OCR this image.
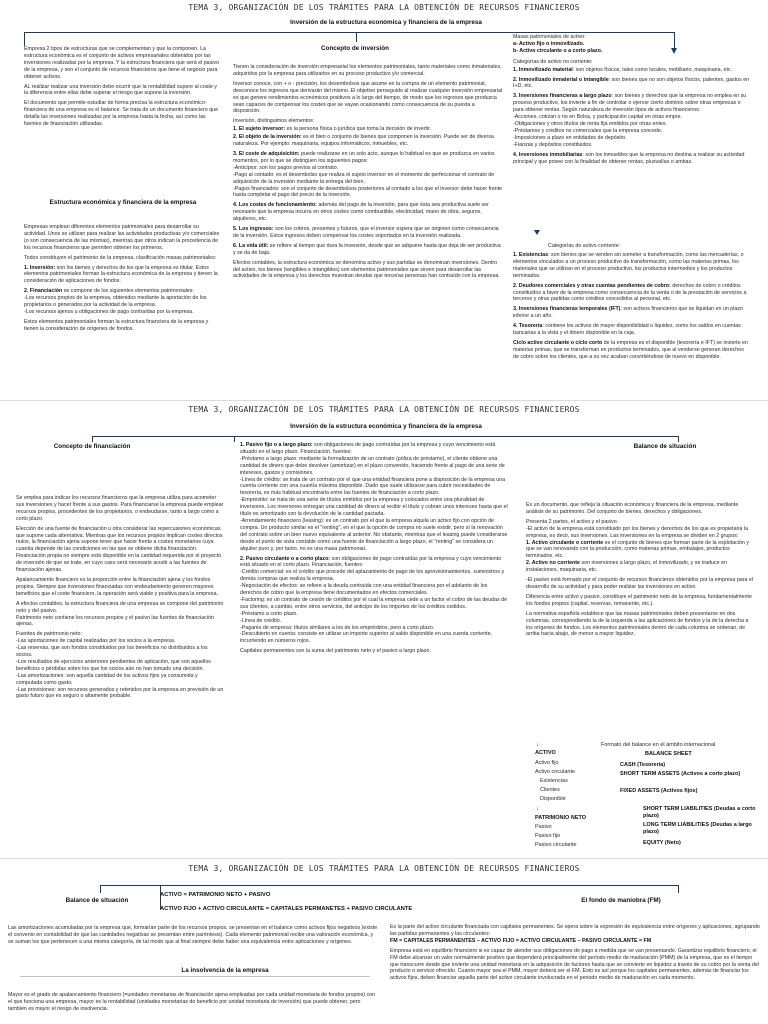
TEMA 3, ORGANIZACIÓN DE LOS TRÁMITES PARA LA OBTENCIÓN DE RECURSOS FINANCIEROS
Inversión de la estructura económica y financiera de la empresa

Empresa 2 tipos de estructuras que se complementan y que la componen. La estructura económica es el conjunto de activos empresariales obtenidos por las inversiones realizadas por la empresa. Y la estructura financiera que será el pasivo de la empresa, y son el conjunto de recursos financieros que tiene el negocio para obtener activos.

AL realizar realizar una inversión debe ocurrir que la rentabilidad supere al coste y la diferencia entre ellas debe superar el riesgo que supone la inversión.

El documento que permite estudiar de forma precisa la estructura económico-financiera de una empresa es el balance. Se trata de un documento financiero que detalla las inversiones realizadas por la empresa hasta la fecha, así como las fuentes de financiación utilizadas.

Estructura económica y financiera de la empresa

Empresas emplean diferentes elementos patrimoniales para desarrollar su actividad. Unos se utilizan para realizar las actividades productivas y/o comerciales (o son consecuencia de las mismas), mientras que otros indican la procedencia de los recursos financieros que permiten obtener los primeros.

Todos constituyen el patrimonio de la empresa, clasificación masas patrimoniales:

1. Inversión: son los bienes y derechos de los que la empresa es titular. Estos elementos patrimoniales forman la estructura económica de la empresa y tienen la consideración de aplicaciones de fondos.

2. Financiación se compone de los siguientes elementos patrimoniales:
-Los recursos propios de la empresa, obtenidos mediante la aportación de los propietarios o generados por la actividad de la empresa.
-Los recursos ajenos u obligaciones de pago contraídas por la empresa.

Estos elementos patrimoniales forman la estructura financiera de la empresa y tienen la consideración de orígenes de fondos.

Concepto de inversión

Tienen la consideración de inversión empresarial los elementos patrimoniales, tanto materiales como inmateriales, adquiridos por la empresa para utilizarlos en su proceso productivo y/o comercial.

Inversor conoce, con + o - precisión, los desembolsos que asume en la compra de un elemento patrimonial, desconoce los ingresos que derivarán del mismo. El objetivo perseguido al realizar cualquier inversión empresarial es que genere rendimientos económicos positivos a lo largo del tiempo, de modo que los ingresos que produzca sean capaces de compensar los costes que se vayan ocasionando como consecuencia de su puesta a disposición.

Inversión, distinguimos elementos:

1. El sujeto inversor: es la persona física o jurídica que toma la decisión de invertir.

2. El objeto de la inversión: es el bien o conjunto de bienes que componen la inversión. Puede ser de diversa naturaleza. Por ejemplo: maquinaria, equipos informáticos, inmuebles, etc.

3. El coste de adquisición: puede realizarse en un solo acto, aunque lo habitual es que se produzca en varios momentos, por lo que se distinguen los siguientes pagos:
-Anticipos: son los pagos previos al contrato.
-Pago al contado: es el desembolso que realiza el sujeto inversor en el momento de perfeccionar el contrato de adquisición de la inversión mediante la entrega del bien.
-Pagos financiados: son el conjunto de desembolsos posteriores al contado a los que el inversor debe hacer frente hasta completar el pago del precio de la inversión.

4. Los costes de funcionamiento: además del pago de la inversión, para que ésta sea productiva suele ser necesario que la empresa incurra en otros costes como combustible, electricidad, mano de obra, seguros, alquileres, etc.

5. Los ingresos: son los cobros, presentes y futuros, que el inversor espera que se originen como consecuencia de la inversión. Estos ingresos deben compensar los costes soportados en la inversión realizada.

6. La vida útil: se refiere al tiempo que dura la inversión, desde que se adquiere hasta que deja de ser productiva y se da de baja.

Efectos contables, la estructura económica se denomina activo y sus partidas se denominan inversiones. Dentro del activo, los bienes (tangibles e intangibles) son elementos patrimoniales que sirven para desarrollar las actividades de la empresa y los derechos muestran deudas que terceras personas han contraído con la empresa.

Masas patrimoniales de activo:

a- Activo fijo o inmovilizado.

b- Activo circulante o a corto plazo.

Categorías de activo no corriente:

1. Inmovilizado material: son objetos físicos, tales como locales, mobiliario, maquinaria, etc.

2. Inmovilizado inmaterial o intangible: son bienes que no son objetos físicos, patentes, gastos en I+D, etc.

3. Inversiones financieras a largo plazo: son bienes y derechos que la empresa no emplea en su proceso productivo, los invierte a fin de controlar o ejercer cierto dominio sobre otras empresas o para obtener rentas. Según naturaleza de inversión tipos de activos financieros:
-Acciones, cotizan o no en Bolsa, y participación capital en otras empre.
-Obligaciones y otros títulos de renta fija emitidos por otras entes.
-Préstamos y créditos no comerciales que la empresa concede.
-Imposiciones a plazo en entidades de depósito.
-Fianzas y depósitos constituidos.

4. Inversiones inmobiliarias: son los inmuebles que la empresa no destina a realizar su actividad principal y que posee con la finalidad de obtener rentas, plusvalías o ambas.

Categorías de activo corriente:

1. Existencias: son bienes que se venden sin someter a transformación, como las mercaderías, o elementos vinculados a un proceso productivo de transformación, como las materias primas, los materiales que se utilizan en el proceso productivo, los productos intermedios y los productos terminados.

2. Deudores comerciales y otras cuentas pendientes de cobro: derechos de cobro o créditos constituidos a favor de la empresa como consecuencia de la venta o de la prestación de servicios a terceros y otras partidas como créditos concedidos al personal, etc.

3. Inversiones financieras temporales (IFT): son activos financieros que se liquidan en un plazo inferior a un año.

4. Tesorería: contiene los activos de mayor disponibilidad o liquidez, como los saldos en cuentas bancarias a la vista y el dinero disponible en la caja.

Ciclo activo circulante o ciclo corto de la empresa es el disponible (tesorería e IFT) se invierte en materias primas, que se transforman en productos terminados, que al venderse generan derechos de cobro sobre los clientes, que a su vez acaban convirtiéndose de nuevo en disponible.

TEMA 3, ORGANIZACIÓN DE LOS TRÁMITES PARA LA OBTENCIÓN DE RECURSOS FINANCIEROS
Inversión de la estructura económica y financiera de la empresa
Concepto de financiación

Se emplea para indicar los recursos financieros que la empresa utiliza para acometer sus inversiones y hacer frente a sus gastos. Para financiarse la empresa puede emplear recursos propios, procedentes de los propietarios, o endeudarse, tanto a largo como a corto plazo.

Elección de una fuente de financiación u otra considerar las repercusiones económicas que supone cada alternativa. Mientras que los recursos propios implican costes directos nulos, la financiación ajena supone tener que hacer frente a costes monetarios cuya cuantía depende de las condiciones en las que se obtiene dicha financiación. Financiación propia no siempre está disponible en la cantidad requerida por el proyecto de inversión de que se trate, en cuyo caso será necesario acudir a las fuentes de financiación ajenas.

Apalancamiento financiero es la proporción entre la financiación ajena y los fondos propios. Siempre que inversiones financiadas con endeudamiento generen mayores beneficios que el coste financiero, la operación será viable y positiva para la empresa.

A efectos contables, la estructura financiera de una empresa se compone del patrimonio neto y del pasivo.

Patrimonio neto contiene los recursos propios y el pasivo las fuentes de financiación ajenas.

Fuentes de patrimonio neto:

-Las aportaciones de capital realizadas por los socios a la empresa.

-Las reservas, que son fondos constituidos por los beneficios no distribuidos a los socios.

-Los resultados de ejercicios anteriores pendientes de aplicación, que son aquellos beneficios o pérdidas sobre los que los socios aún no han tomado una decisión.

-Las amortizaciones: son aquella cantidad de los activos fijos ya consumida y computada como gasto.

-Las provisiones: son recursos generados y retenidos por la empresa en previsión de un gasto futuro que es seguro o altamente probable.

1. Pasivo fijo o a largo plazo: son obligaciones de pago contraídas por la empresa y cuyo vencimiento está situado en el largo plazo. Financiación, fuentes:

-Préstamo a largo plazo: mediante la formalización de un contrato (póliza de préstamo), el cliente obtiene una cantidad de dinero que debe devolver (amortizar) en el plazo convenido, haciendo frente al pago de una serie de intereses, gastos y comisiones.

-Línea de crédito: se trata de un contrato por el que una entidad financiera pone a disposición de la empresa una cuenta corriente con una cuantía máxima disponible. Dado que suele utilizarse para cubrir necesidades de tesorería, es más habitual encontrarla entre las fuentes de financiación a corto plazo.

-Empréstito: se trata de una serie de títulos emitidos por la empresa y colocados entre una pluralidad de inversores. Los inversores entregan una cantidad de dinero al recibir el título y cobran unos intereses hasta que el título es amortizado con la devolución de la cantidad pactada.

-Arrendamiento financiero (leasing): es un contrato por el que la empresa alquila un activo fijo con opción de compra. Un producto similar es el "renting", en el que la opción de compra no suele existir, pero sí la renovación del contrato sobre un bien nuevo equivalente al anterior. No obstante, mientras que el leasing puede considerarse desde el punto de vista contable como una fuente de financiación a largo plazo, el "renting" se considera un alquiler puro y, por tanto, no es una masa patrimonial.

2. Pasivo circulante o a corto plazo: son obligaciones de pago contraídas por la empresa y cuyo vencimiento está situado en el corto plazo. Financiación, fuentes:

-Crédito comercial: es el crédito que procede del aplazamiento de pago de los aprovisionamientos, suministros y demás compras que realiza la empresa.

-Negociación de efectos: se refiere a la deuda contraída con una entidad financiera por el adelanto de los derechos de cobro que la empresa tiene documentados en efectos comerciales.

-Factoring: es un contrato de cesión de créditos por el cual la empresa cede a un factor el cobro de las deudas de sus clientes, a cambio, entre otros servicios, del anticipo de los importes de los créditos cedidos.

-Préstamo a corto plazo.

-Línea de crédito.

-Pagarés de empresa: títulos similares a los de los empréstitos, pero a corto plazo.

-Descubierto en cuenta: consiste en utilizar un importe superior al saldo disponible en una cuenta corriente, incurriendo en números rojos.

Capitales permanentes son la suma del patrimonio neto y el pasivo a largo plazo.

Balance de situación

Es un documento, que refleja la situación económica y financiera de la empresa, mediante análisis de su patrimonio. Del conjunto de bienes, derechos y obligaciones.

Presenta 2 partes, el activo y el pasivo.

-El activo de la empresa está constituido por los bienes y derechos de los que es propietaria la empresa, es decir, sus inversiones. Las inversiones en la empresa se dividen en 2 grupos:

1. Activo circulante o corriente es el conjunto de bienes que forman parte de la explotación y que se van renovando con la producción, como materias primas, embalajes, productos terminados, etc.

2. Activo no corriente son inversiones a largo plazo, el inmovilizado, y se traduce en instalaciones, maquinaria, etc.

-El pasivo está formado por el conjunto de recursos financieros obtenidos por la empresa para el desarrollo de su actividad y para poder realizar las inversiones en activo.

Diferencia entre activo y pasivo, constituye el patrimonio neto de la empresa, fundamentalmente los fondos propios (capital, reservas, remanente, etc.).

La normativa española establece que las masas patrimoniales deben presentarse en dos columnas, correspondiendo la de la izquierda a las aplicaciones de fondos y la de la derecha a los orígenes de fondos. Los elementos patrimoniales dentro de cada columna se ordenan, de arriba hacia abajo, de menor a mayor liquidez.

↓	Formato del balance en el ámbito internacional
BALANCE SHEET
ACTIVO
Activo fijo
Activo circulante
Existencias
Clientes
Disponible
CASH (Tesorería)
SHORT TERM ASSETS (Activos a corto plazo)
FIXED ASSETS (Activos fijos)
↓
PATRIMONIO NETO
Pasivo
Pasivo fijo
Pasivo circulante
SHORT TERM LIABILITIES (Deudas a corto plazo)
LONG TERM LIABILITIES (Deudas a largo plazo)
EQUITY (Neto)
TEMA 3, ORGANIZACIÓN DE LOS TRÁMITES PARA LA OBTENCIÓN DE RECURSOS FINANCIEROS
Balance de situación
ACTIVO = PATRIMONIO NETO + PASIVO
ACTIVO FIJO + ACTIVO CIRCULANTE = CAPITALES PERMANETES + PASIVO CIRCULANTE
El fondo de maniobra (FM)

Las amortizaciones acumuladas por la empresa que, formarían parte de los recursos propios, se presentan en el balance como activos fijos negativos (existe el convenio en contabilidad de que las cantidades negativas se presentan entre paréntesis). Cada elemento patrimonial recibe una valoración económica, y se suman los que pertenecen a una misma categoría, de tal modo que al final siempre debe haber una equivalencia entre aplicaciones y orígenes.

La insolvencia de la empresa

Mayor es el grado de apalancamiento financiero (=unidades monetarias de financiación ajena empleadas por cada unidad monetaria de fondos propios) con el que funciona una empresa, mayor es la rentabilidad (unidades monetarias de beneficio por unidad monetaria de inversión) que puede obtener, pero también es mayor el riesgo de insolvencia.

Es la parte del activo circulante financiada con capitales permanentes. Se opera sobre la expresión de equivalencia entre orígenes y aplicaciones, agrupando las partidas permanentes y las circulantes:

FM = CAPITALES PERMANENTES – ACTIVO FIJO = ACTIVO CIRCULANTE – PASIVO CIRCULANTE = FM

Empresa está en equilibrio financiero si es capaz de atender sus obligaciones de pago a medida que se van presentando. Garantizar equilibrio financiero, el FM debe alcanzar un valor normalmente positivo que dependerá principalmente del período medio de maduración (PMM) de la empresa, que es el tiempo que transcurre desde que invierte una unidad monetaria en la adquisición de factores hasta que se convierte en liquidez a través de su cobro por la venta del producto o servicio ofrecido. Cuanto mayor sea el PMM, mayor deberá ser el FM. Esto es así porque los capitales permanentes, además de financiar los activos fijos, deben financiar aquella parte del activo circulante involucrada en el periodo medio de maduración en cada momento.
